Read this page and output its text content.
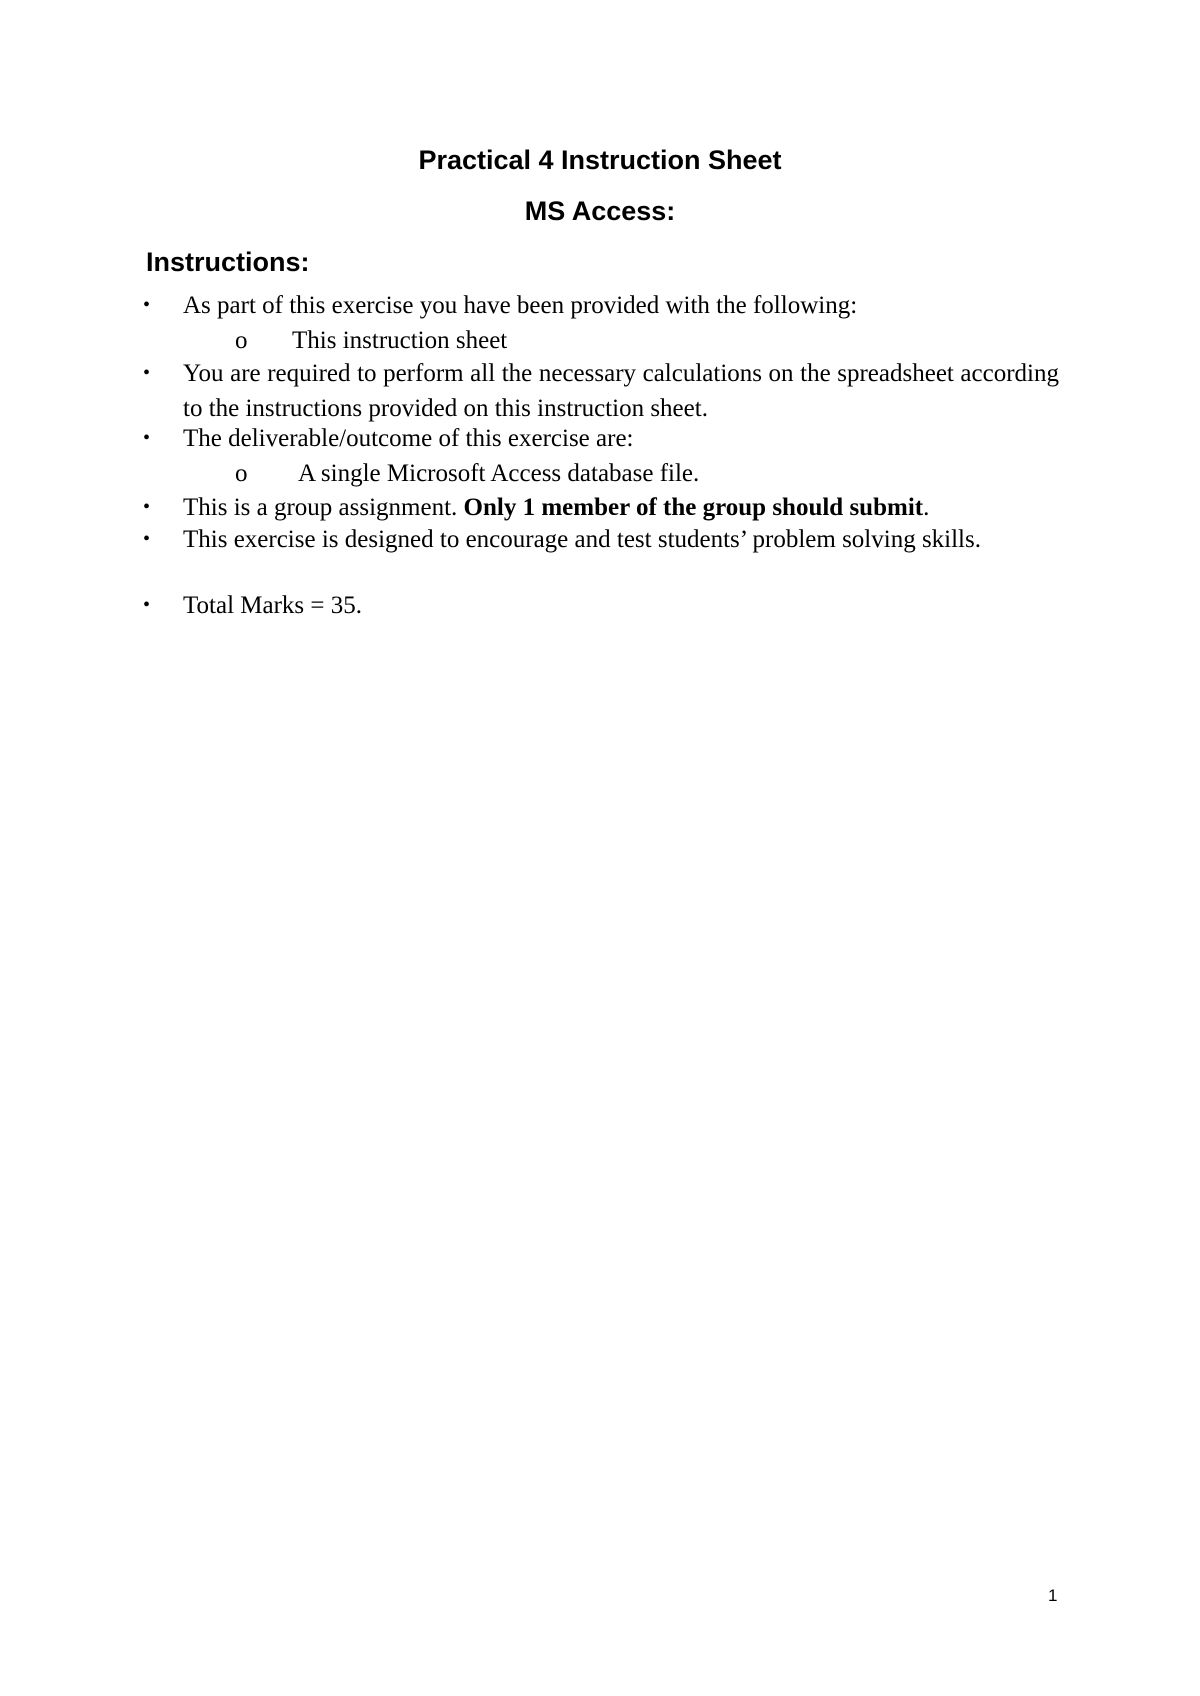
Practical 4 Instruction Sheet
MS Access:
Instructions:
• As part of this exercise you have been provided with the following:
o This instruction sheet
• You are required to perform all the necessary calculations on the spreadsheet according to the instructions provided on this instruction sheet.
• The deliverable/outcome of this exercise are:
o A single Microsoft Access database file.
• This is a group assignment. Only 1 member of the group should submit.
• This exercise is designed to encourage and test students’ problem solving skills.
• Total Marks = 35.
1
